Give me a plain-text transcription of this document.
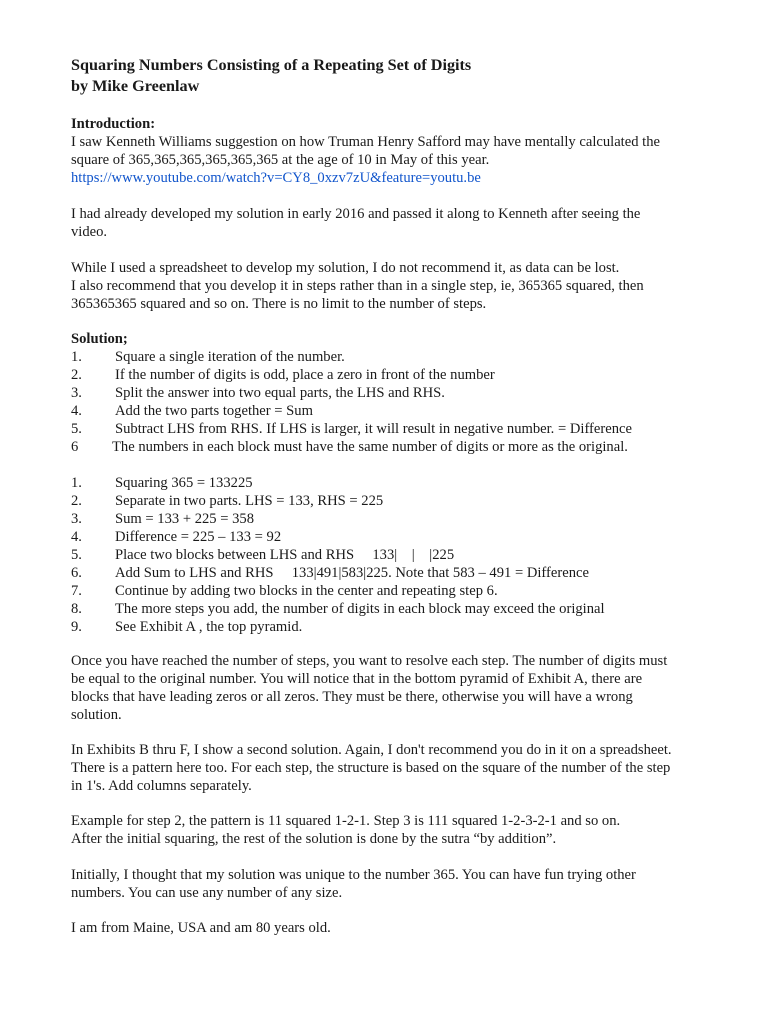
Squaring Numbers Consisting of a Repeating Set of Digits
by Mike Greenlaw
Introduction:
I saw Kenneth Williams suggestion on how Truman Henry Safford may have mentally calculated the
square of 365,365,365,365,365,365 at the age of 10 in May of this year.
https://www.youtube.com/watch?v=CY8_0xzv7zU&feature=youtu.be
I had already developed my solution in early 2016 and passed it along to Kenneth after seeing the
video.
While I used a spreadsheet to develop my solution, I do not recommend it, as data can be lost.
I also recommend that you develop it in steps rather than in a single step, ie, 365365 squared, then
365365365 squared and so on. There is no limit to the number of steps.
Solution;
1.	Square a single iteration of the number.
2.	If the number of digits is odd, place a zero in front of the number
3.	Split the answer into two equal parts, the LHS and RHS.
4.	Add the two parts together = Sum
5.	Subtract LHS from RHS. If LHS is larger, it will result in negative number. = Difference
6	The numbers in each block must have the same number of digits or more as the original.
1.	Squaring 365 = 133225
2.	Separate in two parts. LHS = 133, RHS = 225
3.	Sum = 133 + 225 = 358
4.	Difference = 225 – 133 = 92
5.	Place two blocks between LHS and RHS     133|    |    |225
6.	Add Sum to LHS and RHS     133|491|583|225. Note that 583 – 491 = Difference
7.	Continue by adding two blocks in the center and repeating step 6.
8.	The more steps you add, the number of digits in each block may exceed the original
9.	See Exhibit A , the top pyramid.
Once you have reached the number of steps, you want to resolve each step. The number of digits must
be equal to the original number. You will notice that in the bottom pyramid of Exhibit A, there are
blocks that have leading zeros or all zeros. They must be there, otherwise you will have a wrong
solution.
In Exhibits B thru F, I show a second solution. Again, I don't recommend you do in it on a spreadsheet.
There is a pattern here too. For each step, the structure is based on the square of the number of the step
in 1's. Add columns separately.
Example for step 2, the pattern is 11 squared 1-2-1. Step 3 is 111 squared 1-2-3-2-1 and so on.
After the initial squaring, the rest of the solution is done by the sutra “by addition”.
Initially, I thought that my solution was unique to the number 365. You can have fun trying other
numbers. You can use any number of any size.
I am from Maine, USA and am 80 years old.
